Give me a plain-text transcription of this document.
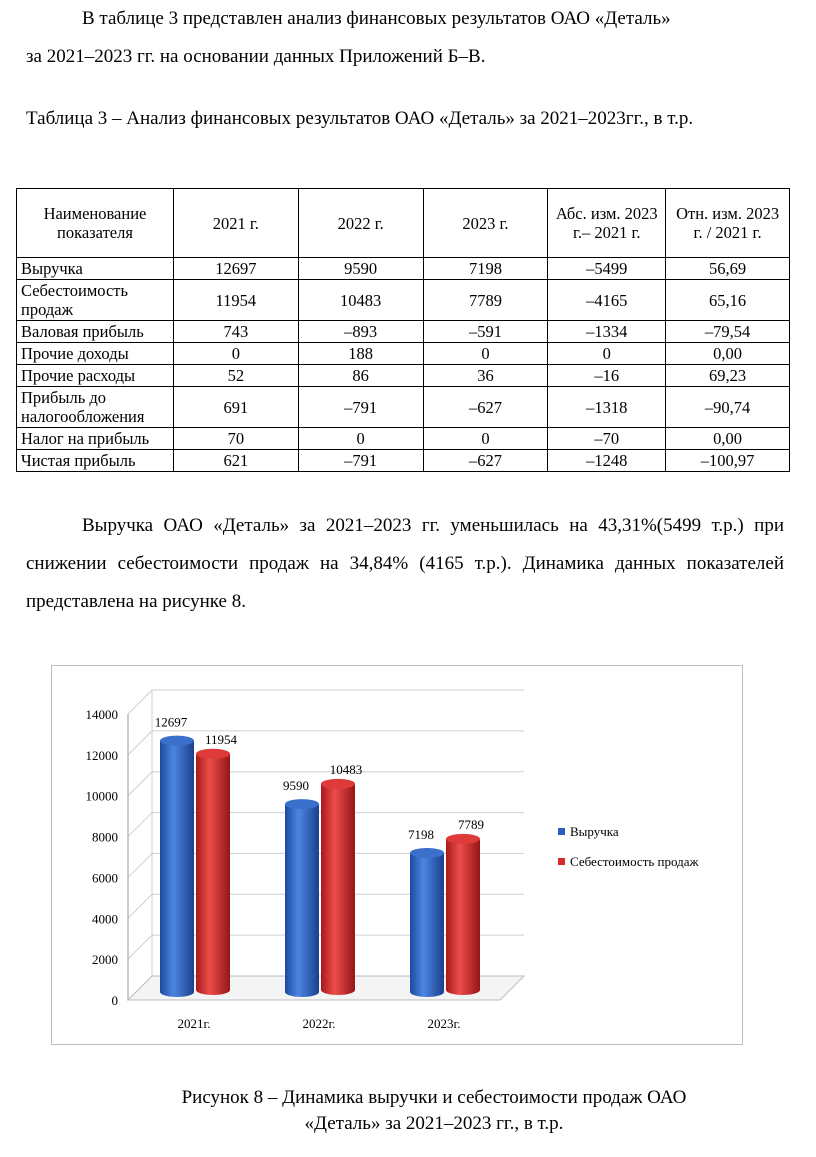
В таблице 3 представлен анализ финансовых результатов ОАО «Деталь»
за 2021–2023 гг. на основании данных Приложений Б–В.
Таблица 3 – Анализ финансовых результатов ОАО «Деталь» за 2021–2023гг., в т.р.
Наименование показателя	2021 г.	2022 г.	2023 г.	Абс. изм. 2023 г.– 2021 г.	Отн. изм. 2023 г. / 2021 г.
Выручка	12697	9590	7198	–5499	56,69
Себестоимость продаж	11954	10483	7789	–4165	65,16
Валовая прибыль	743	–893	–591	–1334	–79,54
Прочие доходы	0	188	0	0	0,00
Прочие расходы	52	86	36	–16	69,23
Прибыль до налогообложения	691	–791	–627	–1318	–90,74
Налог на прибыль	70	0	0	–70	0,00
Чистая прибыль	621	–791	–627	–1248	–100,97
Выручка ОАО «Деталь» за 2021–2023 гг. уменьшилась на 43,31%(5499 т.р.) при снижении себестоимости продаж на 34,84% (4165 т.р.). Динамика данных показателей представлена на рисунке 8.
0
2000
4000
6000
8000
10000
12000
14000
12697
11954
2021г.
9590
10483
2022г.
7198
7789
2023г.
Выручка
Себестоимость продаж
Рисунок 8 – Динамика выручки и себестоимости продаж ОАО
«Деталь» за 2021–2023 гг., в т.р.
